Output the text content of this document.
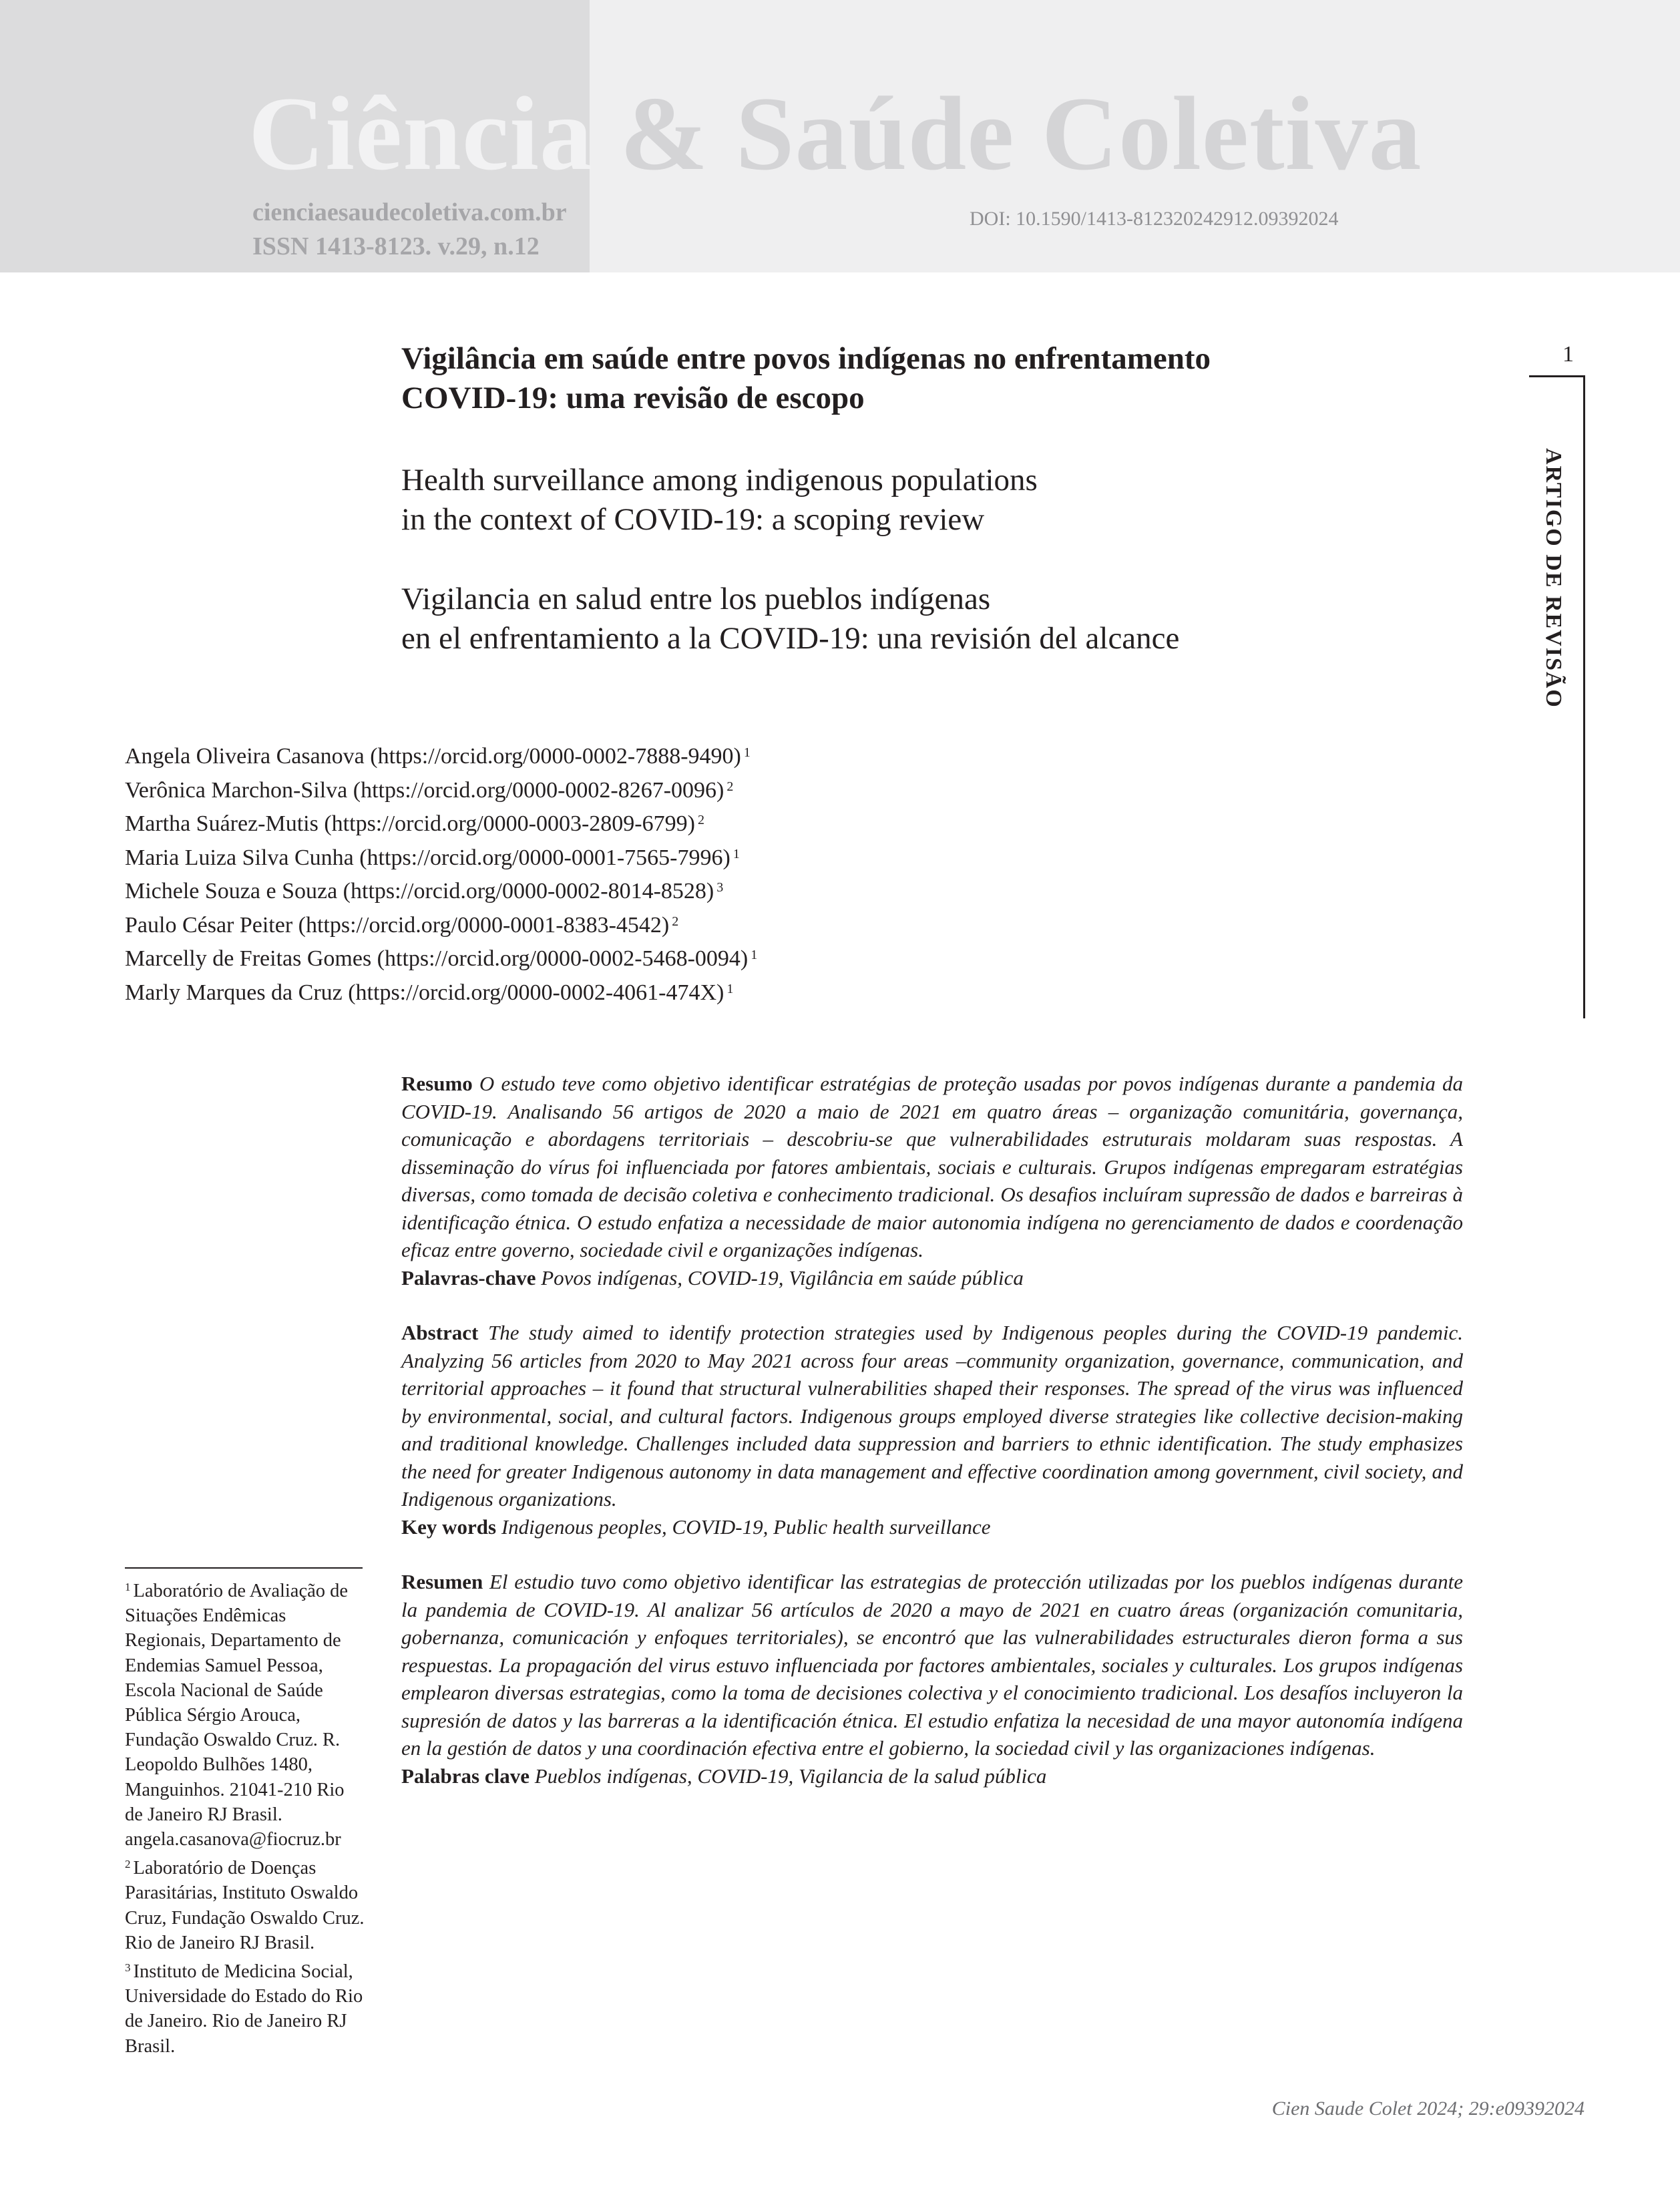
Ciência & Saúde Coletiva
cienciaesaudecoletiva.com.br
ISSN 1413-8123. v.29, n.12
DOI: 10.1590/1413-812320242912.09392024
1
ARTIGO DE REVISÃO
Vigilância em saúde entre povos indígenas no enfrentamento
COVID-19: uma revisão de escopo
Health surveillance among indigenous populations
in the context of COVID-19: a scoping review
Vigilancia en salud entre los pueblos indígenas
en el enfrentamiento a la COVID-19: una revisión del alcance
Angela Oliveira Casanova (https://orcid.org/0000-0002-7888-9490) $^1$
Verônica Marchon-Silva (https://orcid.org/0000-0002-8267-0096) $^2$
Martha Suárez-Mutis (https://orcid.org/0000-0003-2809-6799) $^2$
Maria Luiza Silva Cunha (https://orcid.org/0000-0001-7565-7996) $^1$
Michele Souza e Souza (https://orcid.org/0000-0002-8014-8528) $^3$
Paulo César Peiter (https://orcid.org/0000-0001-8383-4542) $^2$
Marcelly de Freitas Gomes (https://orcid.org/0000-0002-5468-0094) $^1$
Marly Marques da Cruz (https://orcid.org/0000-0002-4061-474X) $^1$
Resumo O estudo teve como objetivo identificar estratégias de proteção usadas por povos indígenas durante a pandemia da COVID-19. Analisando 56 artigos de 2020 a maio de 2021 em quatro áreas – organização comunitária, governança, comunicação e abordagens territoriais – descobriu-se que vulnerabilidades estruturais moldaram suas respostas. A disseminação do vírus foi influenciada por fatores ambientais, sociais e culturais. Grupos indígenas empregaram estratégias diversas, como tomada de decisão coletiva e conhecimento tradicional. Os desafios incluíram supressão de dados e barreiras à identificação étnica. O estudo enfatiza a necessidade de maior autonomia indígena no gerenciamento de dados e coordenação eficaz entre governo, sociedade civil e organizações indígenas.
Palavras-chave Povos indígenas, COVID-19, Vigilância em saúde pública
Abstract The study aimed to identify protection strategies used by Indigenous peoples during the COVID-19 pandemic. Analyzing 56 articles from 2020 to May 2021 across four areas –community organization, governance, communication, and territorial approaches – it found that structural vulnerabilities shaped their responses. The spread of the virus was influenced by environmental, social, and cultural factors. Indigenous groups employed diverse strategies like collective decision-making and traditional knowledge. Challenges included data suppression and barriers to ethnic identification. The study emphasizes the need for greater Indigenous autonomy in data management and effective coordination among government, civil society, and Indigenous organizations.
Key words Indigenous peoples, COVID-19, Public health surveillance
Resumen El estudio tuvo como objetivo identificar las estrategias de protección utilizadas por los pueblos indígenas durante la pandemia de COVID-19. Al analizar 56 artículos de 2020 a mayo de 2021 en cuatro áreas (organización comunitaria, gobernanza, comunicación y enfoques territoriales), se encontró que las vulnerabilidades estructurales dieron forma a sus respuestas. La propagación del virus estuvo influenciada por factores ambientales, sociales y culturales. Los grupos indígenas emplearon diversas estrategias, como la toma de decisiones colectiva y el conocimiento tradicional. Los desafíos incluyeron la supresión de datos y las barreras a la identificación étnica. El estudio enfatiza la necesidad de una mayor autonomía indígena en la gestión de datos y una coordinación efectiva entre el gobierno, la sociedad civil y las organizaciones indígenas.
Palabras clave Pueblos indígenas, COVID-19, Vigilancia de la salud pública

$^1$ Laboratório de Avaliação de Situações Endêmicas Regionais, Departamento de Endemias Samuel Pessoa, Escola Nacional de Saúde Pública Sérgio Arouca, Fundação Oswaldo Cruz. R. Leopoldo Bulhões 1480, Manguinhos. 21041-210 Rio de Janeiro RJ Brasil. angela.casanova@fiocruz.br

$^2$ Laboratório de Doenças Parasitárias, Instituto Oswaldo Cruz, Fundação Oswaldo Cruz. Rio de Janeiro RJ Brasil.

$^3$ Instituto de Medicina Social, Universidade do Estado do Rio de Janeiro. Rio de Janeiro RJ Brasil.

Cien Saude Colet 2024; 29:e09392024
